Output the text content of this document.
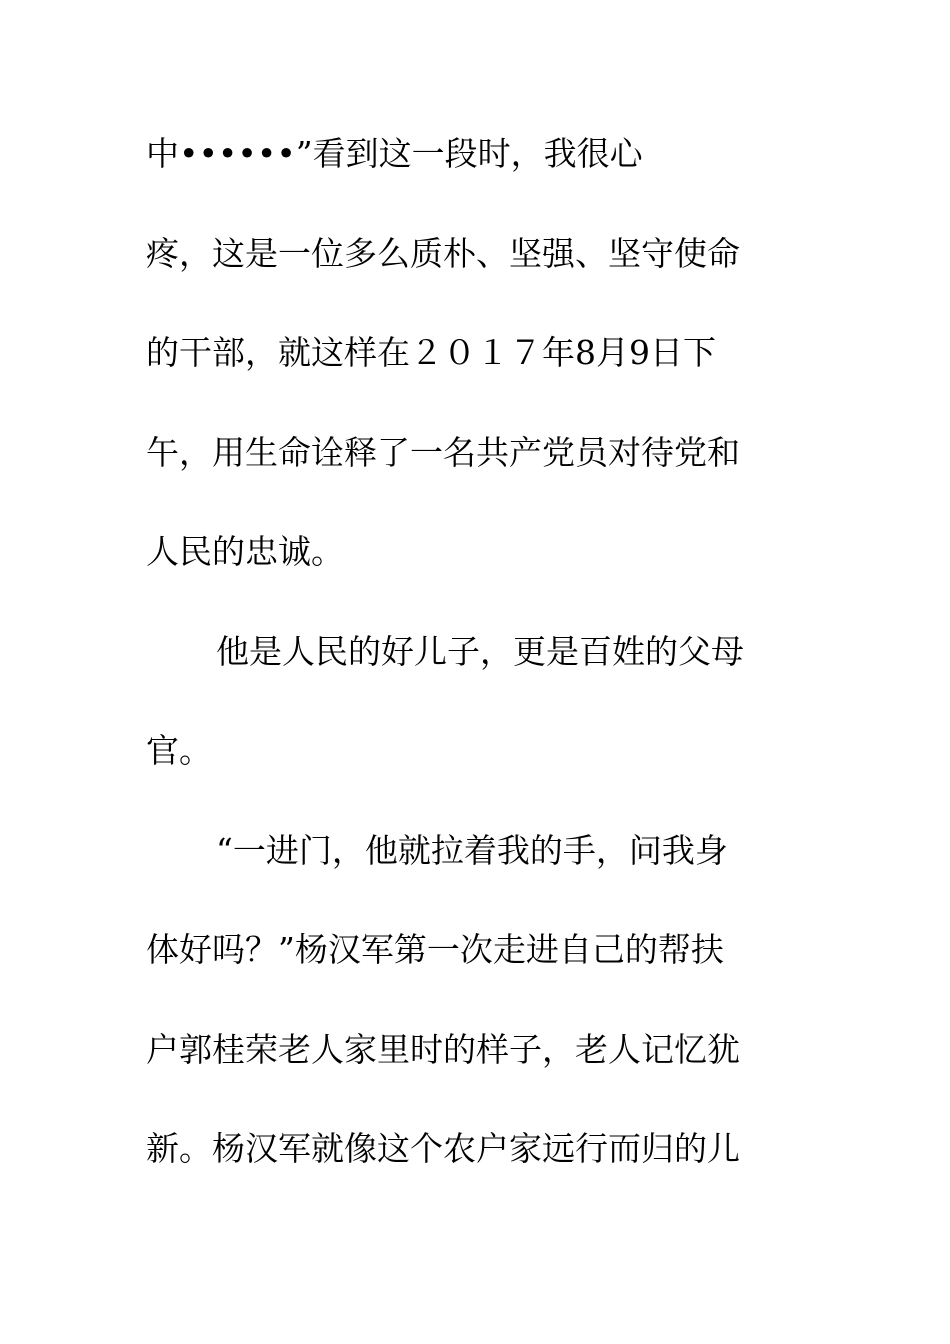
中••••••”看到这一段时，我很心
疼，这是一位多么质朴、坚强、坚守使命
的干部，就这样在２０１７年8月9日下
午，用生命诠释了一名共产党员对待党和
人民的忠诚。
他是人民的好儿子，更是百姓的父母
官。
“一进门，他就拉着我的手，问我身
体好吗？”杨汉军第一次走进自己的帮扶
户郭桂荣老人家里时的样子，老人记忆犹
新。杨汉军就像这个农户家远行而归的儿
